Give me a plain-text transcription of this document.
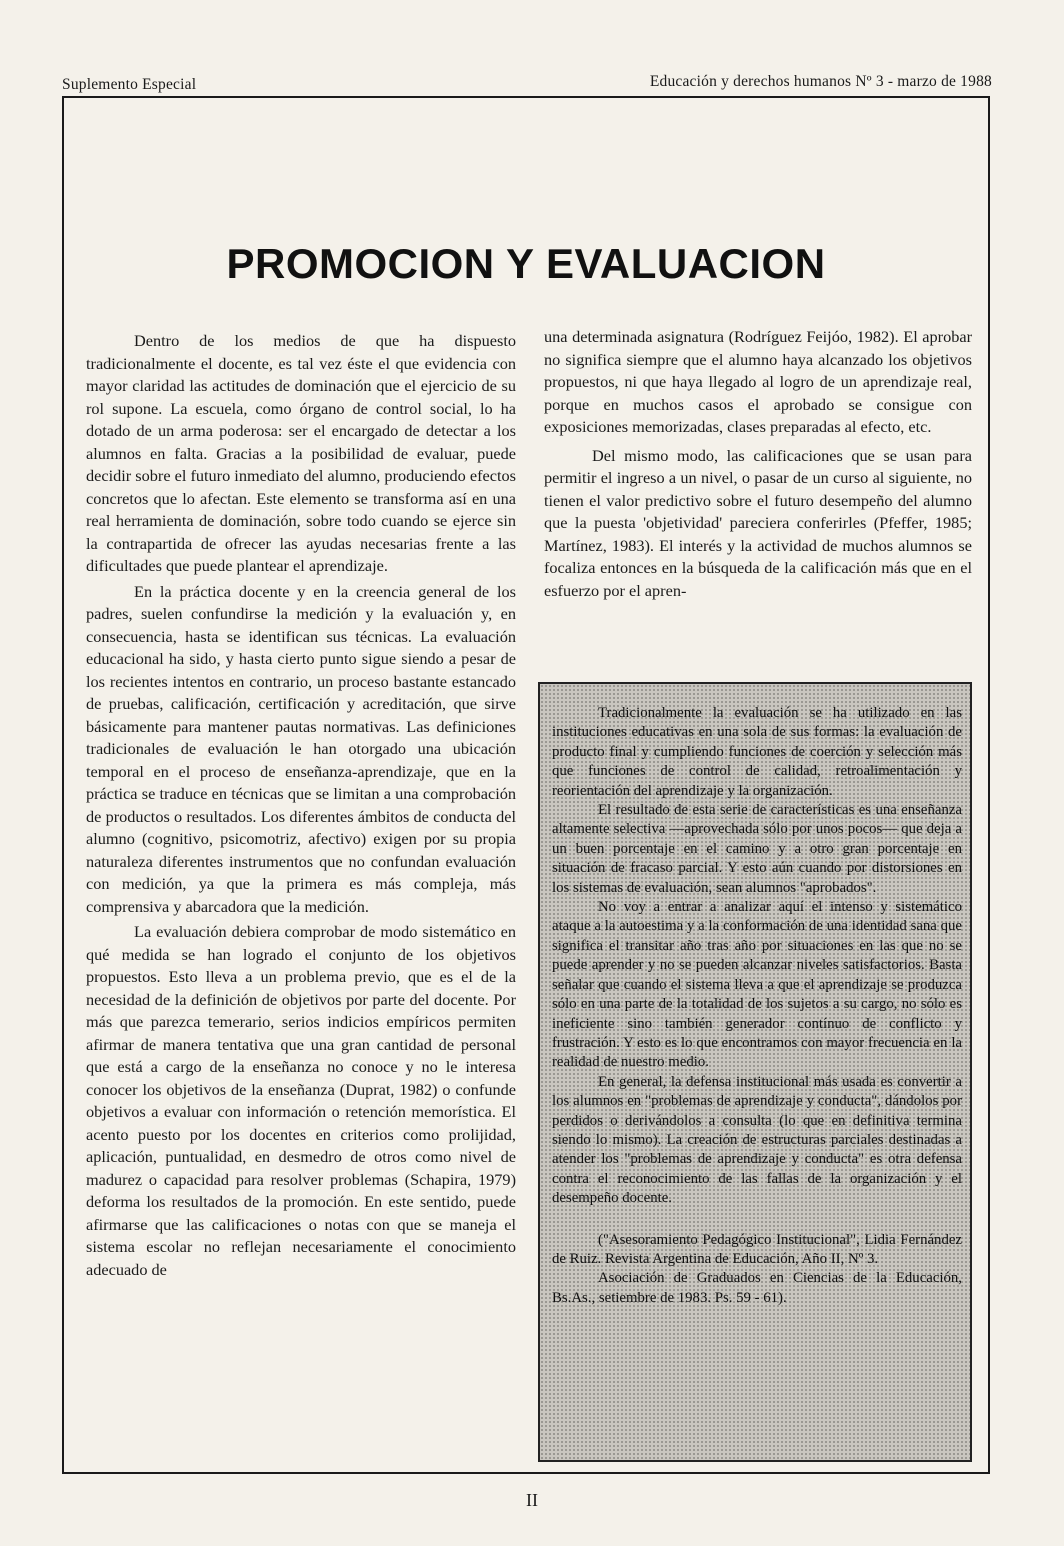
Suplemento Especial	Educación y derechos humanos Nº 3 - marzo de 1988
PROMOCION Y EVALUACION

Dentro de los medios de que ha dispuesto tradicionalmente el docente, es tal vez éste el que evidencia con mayor claridad las actitudes de dominación que el ejercicio de su rol supone. La escuela, como órgano de control social, lo ha dotado de un arma poderosa: ser el encargado de detectar a los alumnos en falta. Gracias a la posibilidad de evaluar, puede decidir sobre el futuro inmediato del alumno, produciendo efectos concretos que lo afectan. Este elemento se transforma así en una real herramienta de dominación, sobre todo cuando se ejerce sin la contrapartida de ofrecer las ayudas necesarias frente a las dificultades que puede plantear el aprendizaje.

En la práctica docente y en la creencia general de los padres, suelen confundirse la medición y la evaluación y, en consecuencia, hasta se identifican sus técnicas. La evaluación educacional ha sido, y hasta cierto punto sigue siendo a pesar de los recientes intentos en contrario, un proceso bastante estancado de pruebas, calificación, certificación y acreditación, que sirve básicamente para mantener pautas normativas. Las definiciones tradicionales de evaluación le han otorgado una ubicación temporal en el proceso de enseñanza-aprendizaje, que en la práctica se traduce en técnicas que se limitan a una comprobación de productos o resultados. Los diferentes ámbitos de conducta del alumno (cognitivo, psicomotriz, afectivo) exigen por su propia naturaleza diferentes instrumentos que no confundan evaluación con medición, ya que la primera es más compleja, más comprensiva y abarcadora que la medición.

La evaluación debiera comprobar de modo sistemático en qué medida se han logrado el conjunto de los objetivos propuestos. Esto lleva a un problema previo, que es el de la necesidad de la definición de objetivos por parte del docente. Por más que parezca temerario, serios indicios empíricos permiten afirmar de manera tentativa que una gran cantidad de personal que está a cargo de la enseñanza no conoce y no le interesa conocer los objetivos de la enseñanza (Duprat, 1982) o confunde objetivos a evaluar con información o retención memorística. El acento puesto por los docentes en criterios como prolijidad, aplicación, puntualidad, en desmedro de otros como nivel de madurez o capacidad para resolver problemas (Schapira, 1979) deforma los resultados de la promoción. En este sentido, puede afirmarse que las calificaciones o notas con que se maneja el sistema escolar no reflejan necesariamente el conocimiento adecuado de

una determinada asignatura (Rodríguez Feijóo, 1982). El aprobar no significa siempre que el alumno haya alcanzado los objetivos propuestos, ni que haya llegado al logro de un aprendizaje real, porque en muchos casos el aprobado se consigue con exposiciones memorizadas, clases preparadas al efecto, etc.

Del mismo modo, las calificaciones que se usan para permitir el ingreso a un nivel, o pasar de un curso al siguiente, no tienen el valor predictivo sobre el futuro desempeño del alumno que la puesta 'objetividad' pareciera conferirles (Pfeffer, 1985; Martínez, 1983). El interés y la actividad de muchos alumnos se focaliza entonces en la búsqueda de la calificación más que en el esfuerzo por el apren-

Tradicionalmente la evaluación se ha utilizado en las instituciones educativas en una sola de sus formas: la evaluación de producto final y cumpliendo funciones de coerción y selección más que funciones de control de calidad, retroalimentación y reorientación del aprendizaje y la organización.

El resultado de esta serie de características es una enseñanza altamente selectiva —aprovechada sólo por unos pocos— que deja a un buen porcentaje en el camino y a otro gran porcentaje en situación de fracaso parcial. Y esto aún cuando por distorsiones en los sistemas de evaluación, sean alumnos "aprobados".

No voy a entrar a analizar aquí el intenso y sistemático ataque a la autoestima y a la conformación de una identidad sana que significa el transitar año tras año por situaciones en las que no se puede aprender y no se pueden alcanzar niveles satisfactorios. Basta señalar que cuando el sistema lleva a que el aprendizaje se produzca sólo en una parte de la totalidad de los sujetos a su cargo, no sólo es ineficiente sino también generador contínuo de conflicto y frustración. Y esto es lo que encontramos con mayor frecuencia en la realidad de nuestro medio.

En general, la defensa institucional más usada es convertir a los alumnos en "problemas de aprendizaje y conducta", dándolos por perdidos o derivándolos a consulta (lo que en definitiva termina siendo lo mismo). La creación de estructuras parciales destinadas a atender los "problemas de aprendizaje y conducta" es otra defensa contra el reconocimiento de las fallas de la organización y el desempeño docente.

("Asesoramiento Pedagógico Institucional", Lidia Fernández de Ruiz. Revista Argentina de Educación, Año II, Nº 3.

Asociación de Graduados en Ciencias de la Educación, Bs.As., setiembre de 1983. Ps. 59 - 61).

II
